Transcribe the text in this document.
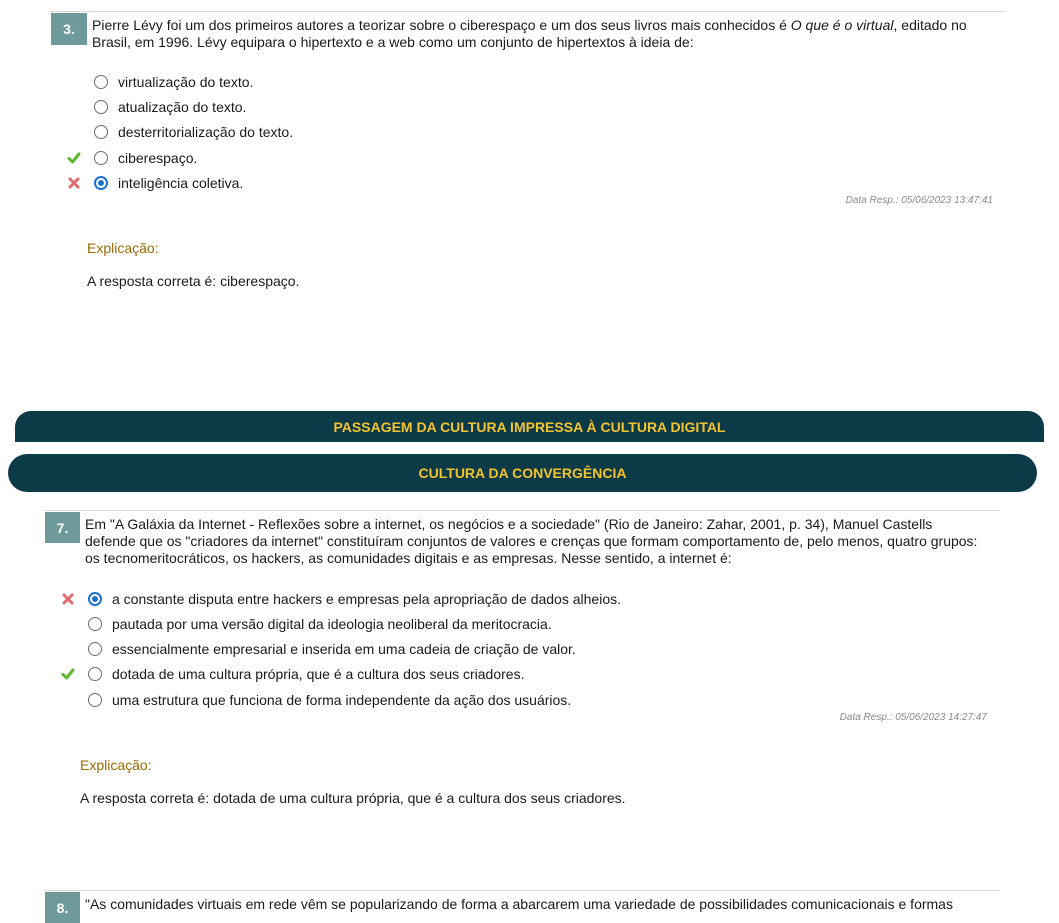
3.	Pierre Lévy foi um dos primeiros autores a teorizar sobre o ciberespaço e um dos seus livros mais conhecidos é O que é o virtual, editado no Brasil, em 1996. Lévy equipara o hipertexto e a web como um conjunto de hipertextos à ideia de:
virtualização do texto.
atualização do texto.
desterritorialização do texto.
ciberespaço.
inteligência coletiva.
Data Resp.: 05/06/2023 13:47:41
Explicação:
A resposta correta é: ciberespaço.
PASSAGEM DA CULTURA IMPRESSA À CULTURA DIGITAL
CULTURA DA CONVERGÊNCIA
7.	Em "A Galáxia da Internet - Reflexões sobre a internet, os negócios e a sociedade" (Rio de Janeiro: Zahar, 2001, p. 34), Manuel Castells defende que os "criadores da internet" constituíram conjuntos de valores e crenças que formam comportamento de, pelo menos, quatro grupos: os tecnomeritocráticos, os hackers, as comunidades digitais e as empresas. Nesse sentido, a internet é:
a constante disputa entre hackers e empresas pela apropriação de dados alheios.
pautada por uma versão digital da ideologia neoliberal da meritocracia.
essencialmente empresarial e inserida em uma cadeia de criação de valor.
dotada de uma cultura própria, que é a cultura dos seus criadores.
uma estrutura que funciona de forma independente da ação dos usuários.
Data Resp.: 05/06/2023 14:27:47
Explicação:
A resposta correta é: dotada de uma cultura própria, que é a cultura dos seus criadores.
8.	"As comunidades virtuais em rede vêm se popularizando de forma a abarcarem uma variedade de possibilidades comunicacionais e formas
